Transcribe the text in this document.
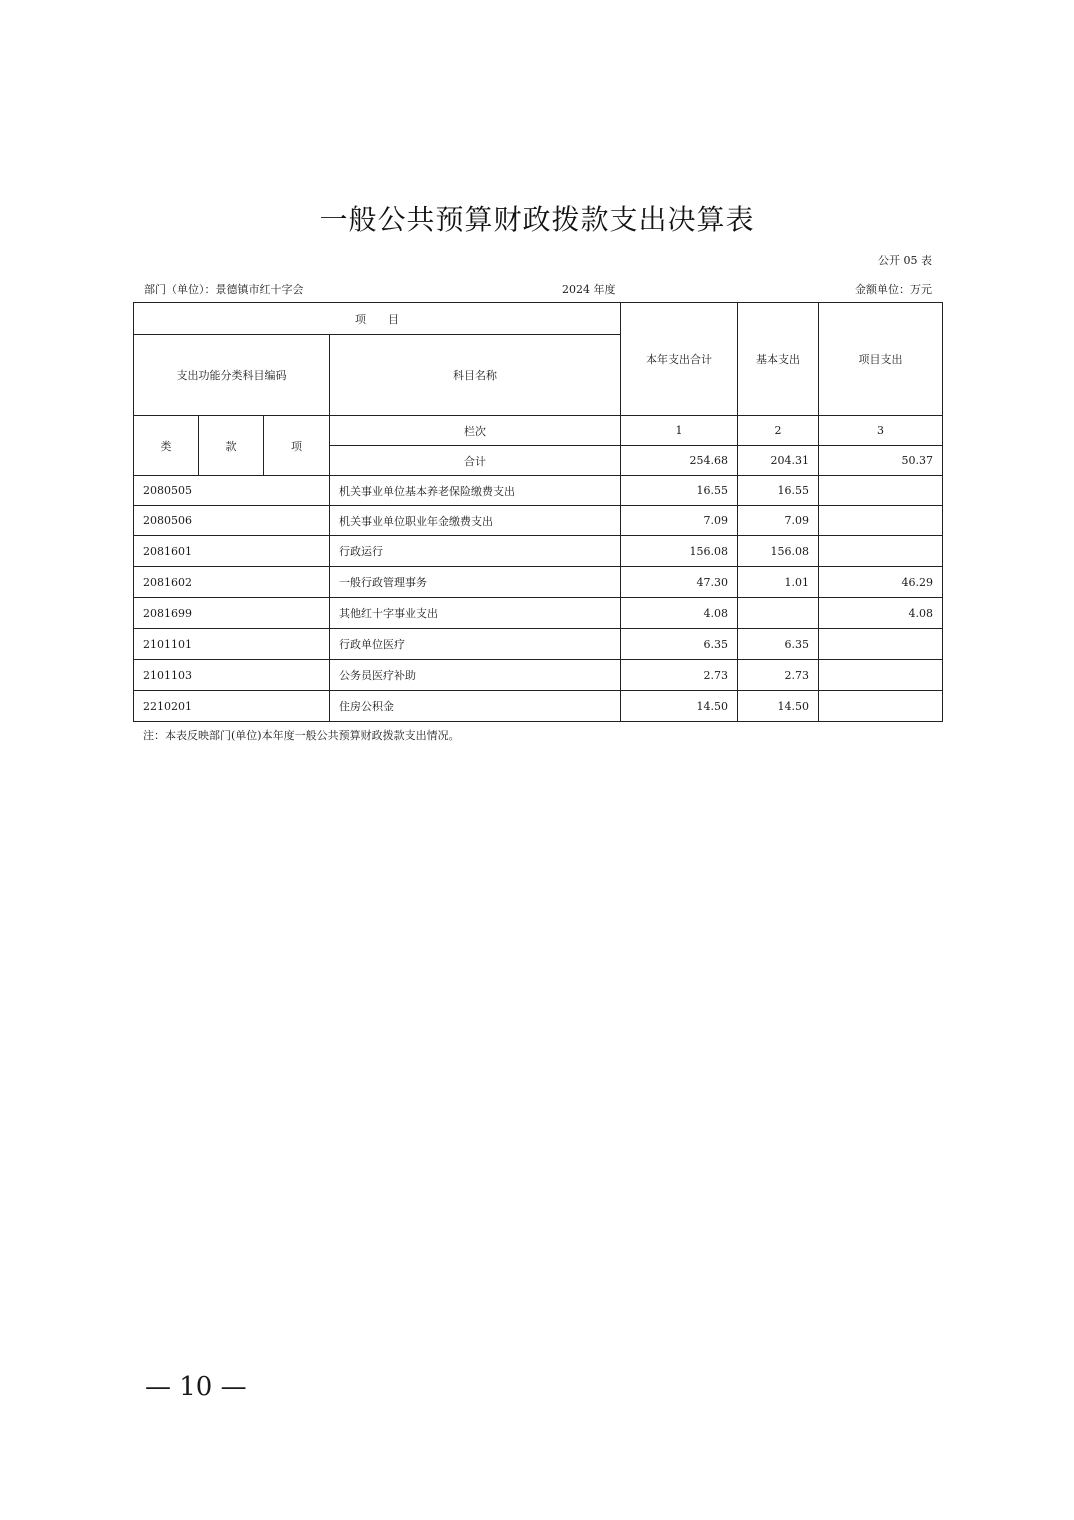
一般公共预算财政拨款支出决算表
公开 05 表
部门（单位）：景德镇市红十字会	2024 年度	金额单位：万元
项　　目				本年支出合计	基本支出	项目支出
支出功能分类科目编码			科目名称			
类	款	项	栏次	1	2	3
			合计	254.68	204.31	50.37
2080505			机关事业单位基本养老保险缴费支出	16.55	16.55	
2080506			机关事业单位职业年金缴费支出	7.09	7.09	
2081601			行政运行	156.08	156.08	
2081602			一般行政管理事务	47.30	1.01	46.29
2081699			其他红十字事业支出	4.08		4.08
2101101			行政单位医疗	6.35	6.35	
2101103			公务员医疗补助	2.73	2.73	
2210201			住房公积金	14.50	14.50	
注：本表反映部门(单位)本年度一般公共预算财政拨款支出情况。
— 10 —
